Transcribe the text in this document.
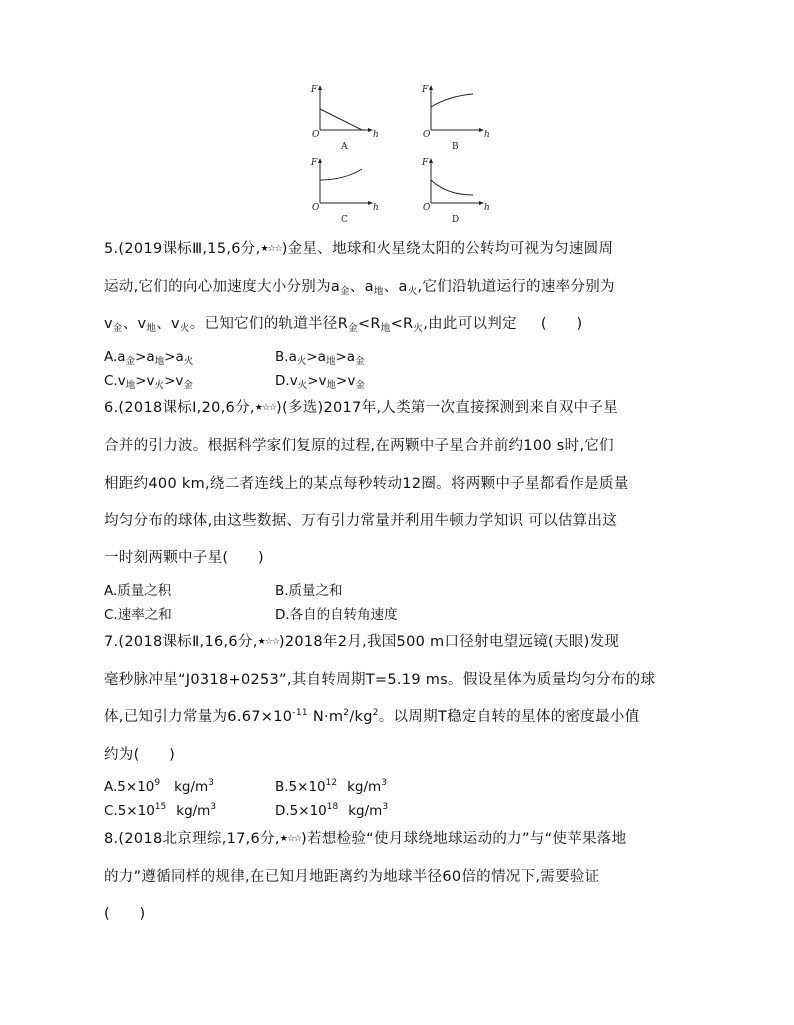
F
O	h
A
F
O	h
B
F
O	h
C
F
O	h
D
5.(2019课标Ⅲ,15,6分,★☆☆)金星、地球和火星绕太阳的公转均可视为匀速圆周
运动,它们的向心加速度大小分别为$a_金$、$a_地$、$a_火$,它们沿轨道运行的速率分别为
$v_金$、$v_地$、$v_火$。已知它们的轨道半径$R_金<R_地<R_火$,由此可以判定 (　　)
$A.a_金>a_地>a_火$	$B.a_火>a_地>a_金$
$C.v_地>v_火>v_金$	$D.v_火>v_地>v_金$
6.(2018课标Ⅰ,20,6分,★☆☆)(多选)2017年,人类第一次直接探测到来自双中子星
合并的引力波。根据科学家们复原的过程,在两颗中子星合并前约100 s时,它们
相距约400 km,绕二者连线上的某点每秒转动12圈。将两颗中子星都看作是质量
均匀分布的球体,由这些数据、万有引力常量并利用牛顿力学知识 可以估算出这
一时刻两颗中子星(　　)
A.质量之积	B.质量之和
C.速率之和	D.各自的自转角速度
7.(2018课标Ⅱ,16,6分,★☆☆)2018年2月,我国500 m口径射电望远镜(天眼)发现
毫秒脉冲星“J0318+0253”,其自转周期T=5.19 ms。假设星体为质量均匀分布的球
体,已知引力常量为$6.67\times 10^{-11}$ $N\cdot m^2/kg^2$。以周期T稳定自转的星体的密度最小值
约为(　　)
$A.5\times 10^9$ $kg/m^3$	$B.5\times 10^{12}$ $kg/m^3$
$C.5\times 10^{15}$ $kg/m^3$	$D.5\times 10^{18}$ $kg/m^3$
8.(2018北京理综,17,6分,★☆☆)若想检验“使月球绕地球运动的力”与“使苹果落地
的力”遵循同样的规律,在已知月地距离约为地球半径60倍的情况下,需要验证
(　　)
